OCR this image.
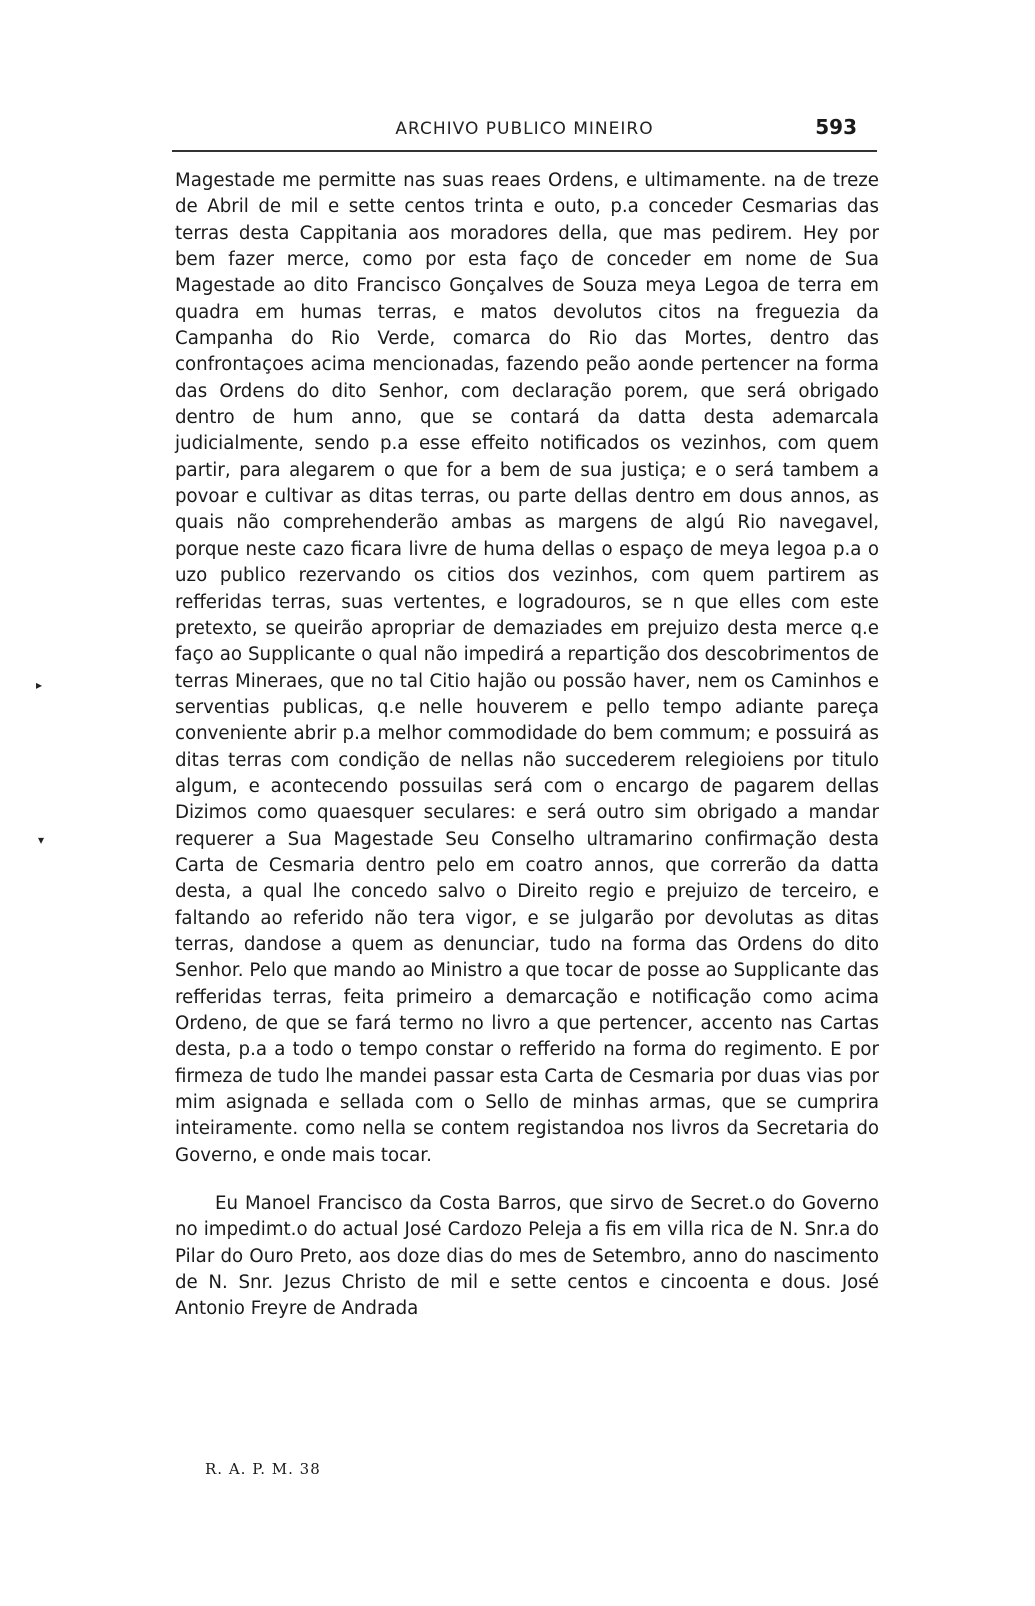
ARCHIVO PUBLICO MINEIRO	593

Magestade me permitte nas suas reaes Ordens, e ultimamente. na de treze de Abril de mil e sette centos trinta e outo, p.a conceder Cesmarias das terras desta Cappitania aos moradores della, que mas pedirem. Hey por bem fazer merce, como por esta faço de conceder em nome de Sua Magestade ao dito Francisco Gonçalves de Souza meya Legoa de terra em quadra em humas terras, e matos devolutos citos na freguezia da Campanha do Rio Verde, comarca do Rio das Mortes, dentro das confrontaçoes acima mencionadas, fazendo peão aonde pertencer na forma das Ordens do dito Senhor, com declaração porem, que será obrigado dentro de hum anno, que se contará da datta desta ademarcala judicialmente, sendo p.a esse effeito notificados os vezinhos, com quem partir, para alegarem o que for a bem de sua justiça; e o será tambem a povoar e cultivar as ditas terras, ou parte dellas dentro em dous annos, as quais não comprehenderão ambas as margens de algú Rio navegavel, porque neste cazo ficara livre de huma dellas o espaço de meya legoa p.a o uzo publico rezervando os citios dos vezinhos, com quem partirem as refferidas terras, suas vertentes, e logradouros, se n que elles com este pretexto, se queirão apropriar de demaziades em prejuizo desta merce q.e faço ao Supplicante o qual não impedirá a repartição dos descobrimentos de terras Mineraes, que no tal Citio hajão ou possão haver, nem os Caminhos e serventias publicas, q.e nelle houverem e pello tempo adiante pareça conveniente abrir p.a melhor commodidade do bem commum; e possuirá as ditas terras com condição de nellas não succederem relegioiens por titulo algum, e acontecendo possuilas será com o encargo de pagarem dellas Dizimos como quaesquer seculares: e será outro sim obrigado a mandar requerer a Sua Magestade Seu Conselho ultramarino confirmação desta Carta de Cesmaria dentro pelo em coatro annos, que correrão da datta desta, a qual lhe concedo salvo o Direito regio e prejuizo de terceiro, e faltando ao referido não tera vigor, e se julgarão por devolutas as ditas terras, dandose a quem as denunciar, tudo na forma das Ordens do dito Senhor. Pelo que mando ao Ministro a que tocar de posse ao Supplicante das refferidas terras, feita primeiro a demarcação e notificação como acima Ordeno, de que se fará termo no livro a que pertencer, accento nas Cartas desta, p.a a todo o tempo constar o refferido na forma do regimento. E por firmeza de tudo lhe mandei passar esta Carta de Cesmaria por duas vias por mim asignada e sellada com o Sello de minhas armas, que se cumprira inteiramente. como nella se contem registandoa nos livros da Secretaria do Governo, e onde mais tocar.

Eu Manoel Francisco da Costa Barros, que sirvo de Secret.o do Governo no impedimt.o do actual José Cardozo Peleja a fis em villa rica de N. Snr.a do Pilar do Ouro Preto, aos doze dias do mes de Setembro, anno do nascimento de N. Snr. Jezus Christo de mil e sette centos e cincoenta e dous. José Antonio Freyre de Andrada

R. A. P. M. 38
▸
▾
